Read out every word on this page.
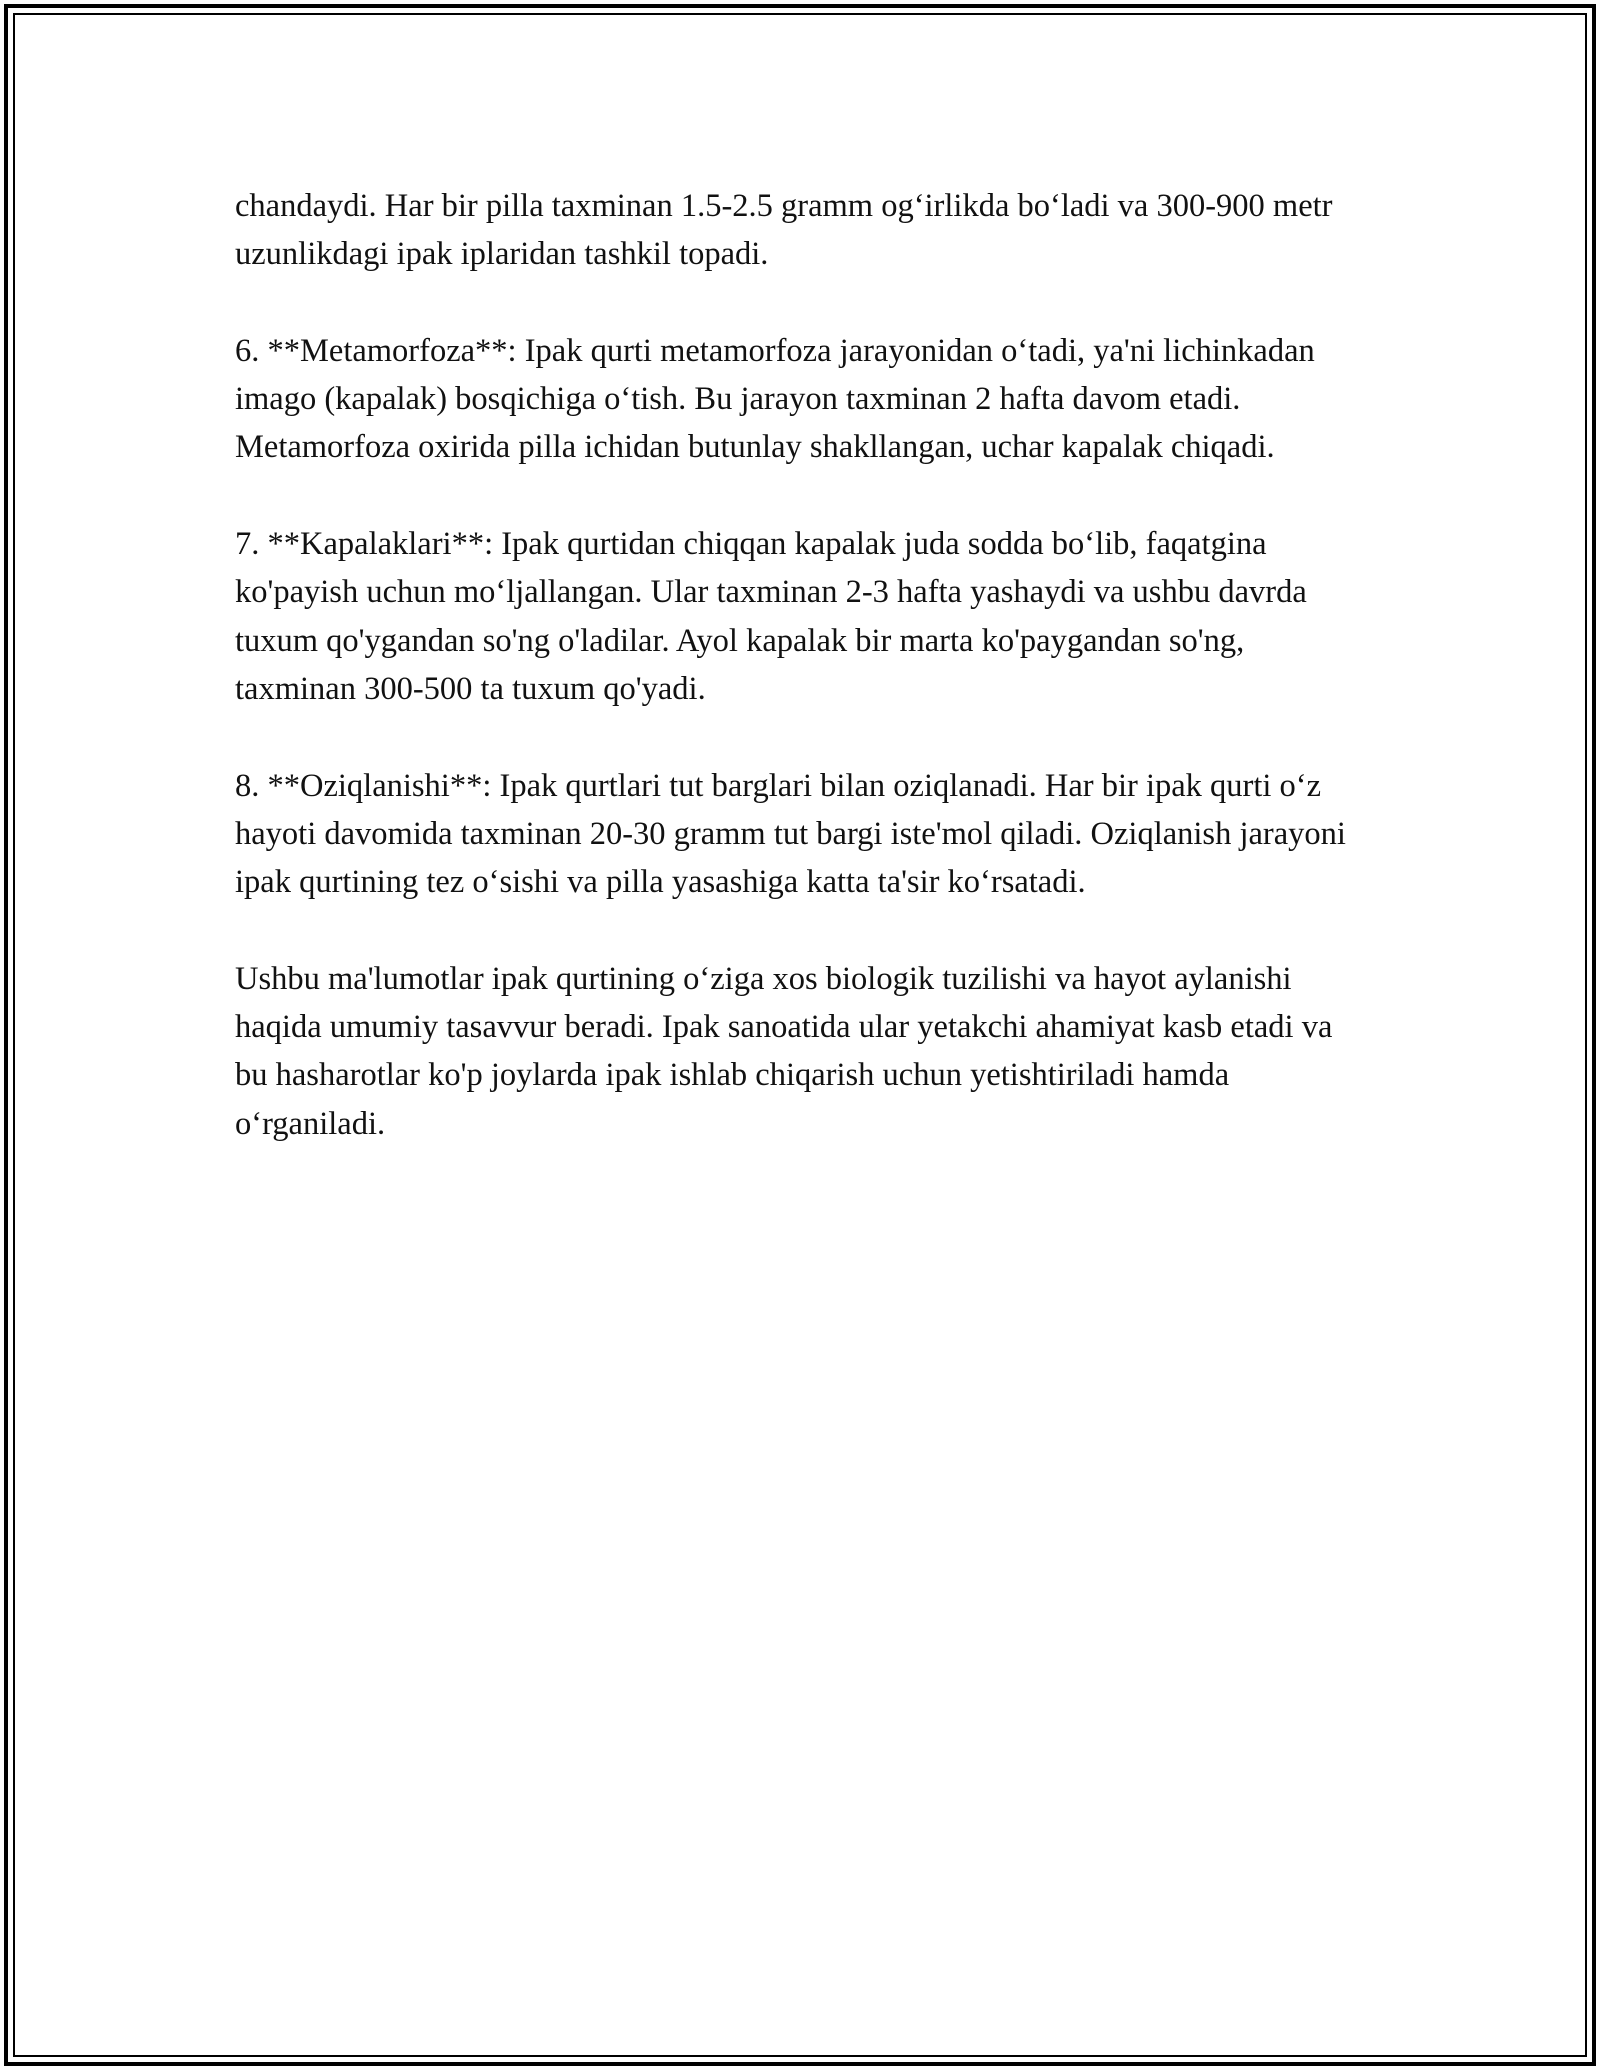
chandaydi. Har bir pilla taxminan 1.5-2.5 gramm og‘irlikda bo‘ladi va 300-900 metr uzunlikdagi ipak iplaridan tashkil topadi.

6. **Metamorfoza**: Ipak qurti metamorfoza jarayonidan o‘tadi, ya'ni lichinkadan imago (kapalak) bosqichiga o‘tish. Bu jarayon taxminan 2 hafta davom etadi. Metamorfoza oxirida pilla ichidan butunlay shakllangan, uchar kapalak chiqadi.

7. **Kapalaklari**: Ipak qurtidan chiqqan kapalak juda sodda bo‘lib, faqatgina ko'payish uchun mo‘ljallangan. Ular taxminan 2-3 hafta yashaydi va ushbu davrda tuxum qo'ygandan so'ng o'ladilar. Ayol kapalak bir marta ko'paygandan so'ng, taxminan 300-500 ta tuxum qo'yadi.

8. **Oziqlanishi**: Ipak qurtlari tut barglari bilan oziqlanadi. Har bir ipak qurti o‘z hayoti davomida taxminan 20-30 gramm tut bargi iste'mol qiladi. Oziqlanish jarayoni ipak qurtining tez o‘sishi va pilla yasashiga katta ta'sir ko‘rsatadi.

Ushbu ma'lumotlar ipak qurtining o‘ziga xos biologik tuzilishi va hayot aylanishi haqida umumiy tasavvur beradi. Ipak sanoatida ular yetakchi ahamiyat kasb etadi va bu hasharotlar ko'p joylarda ipak ishlab chiqarish uchun yetishtiriladi hamda o‘rganiladi.
